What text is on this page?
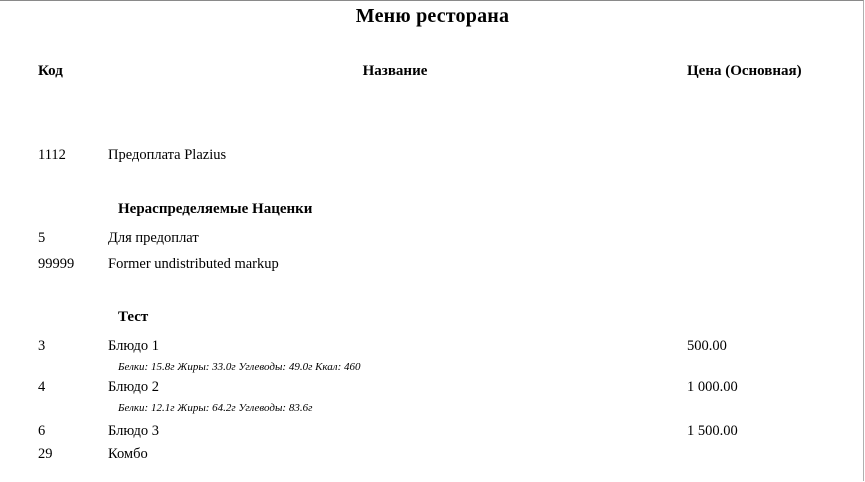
Меню ресторана
Код	Название	Цена (Основная)
1112	Предоплата Plazius
Нераспределяемые Наценки
5	Для предоплат
99999 Former undistributed markup
Тест
3	Блюдо 1	500.00
Белки: 15.8г Жиры: 33.0г Углеводы: 49.0г Ккал: 460
4	Блюдо 2	1 000.00
Белки: 12.1г Жиры: 64.2г Углеводы: 83.6г
6	Блюдо 3	1 500.00
29	Комбо
